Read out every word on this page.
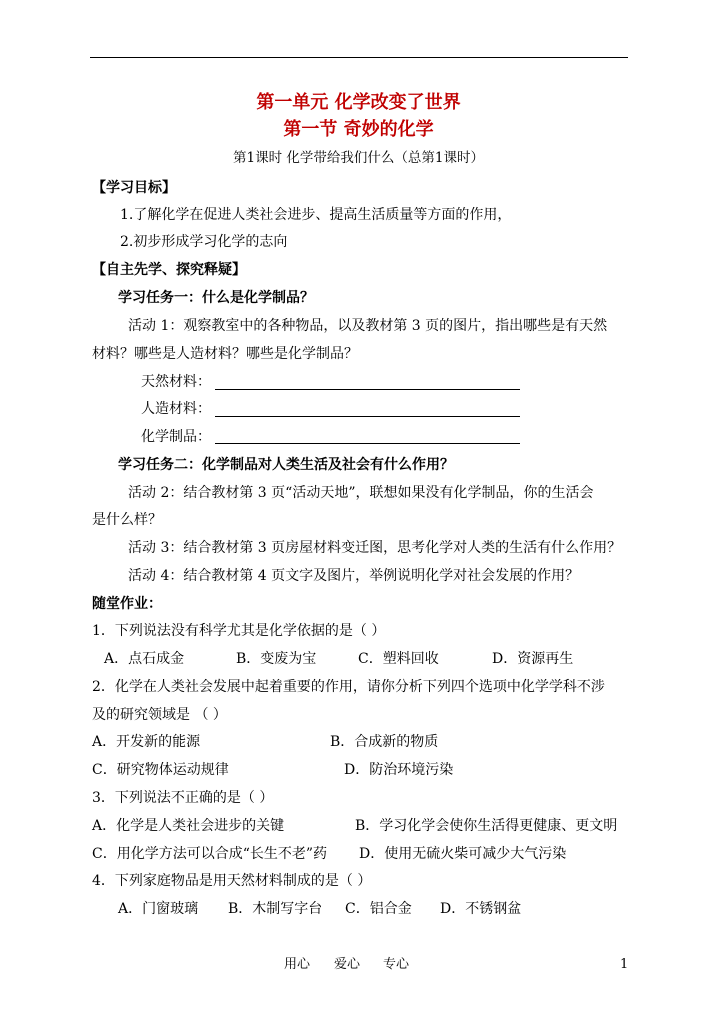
第一单元 化学改变了世界
第一节 奇妙的化学
第1课时 化学带给我们什么（总第1课时）
【学习目标】
1.了解化学在促进人类社会进步、提高生活质量等方面的作用，
2.初步形成学习化学的志向
【自主先学、探究释疑】
学习任务一：什么是化学制品？
活动 1：观察教室中的各种物品，以及教材第 3 页的图片，指出哪些是有天然
材料？哪些是人造材料？哪些是化学制品？
天然材料：
人造材料：
化学制品：
学习任务二：化学制品对人类生活及社会有什么作用？
活动 2：结合教材第 3 页“活动天地”，联想如果没有化学制品，你的生活会
是什么样？
活动 3：结合教材第 3 页房屋材料变迁图，思考化学对人类的生活有什么作用？
活动 4：结合教材第 4 页文字及图片，举例说明化学对社会发展的作用？
随堂作业：
1．下列说法没有科学尤其是化学依据的是（ ）
A．点石成金	B．变废为宝	C．塑料回收	D．资源再生
2．化学在人类社会发展中起着重要的作用，请你分析下列四个选项中化学学科不涉
及的研究领域是 （ ）
A．开发新的能源	B．合成新的物质
C．研究物体运动规律	D．防治环境污染
3．下列说法不正确的是（ ）
A．化学是人类社会进步的关键	B．学习化学会使你生活得更健康、更文明
C．用化学方法可以合成“长生不老”药 D．使用无硫火柴可减少大气污染
4．下列家庭物品是用天然材料制成的是（ ）
A．门窗玻璃 B．木制写字台 C．铝合金 D．不锈钢盆
用心 爱心 专心	1
